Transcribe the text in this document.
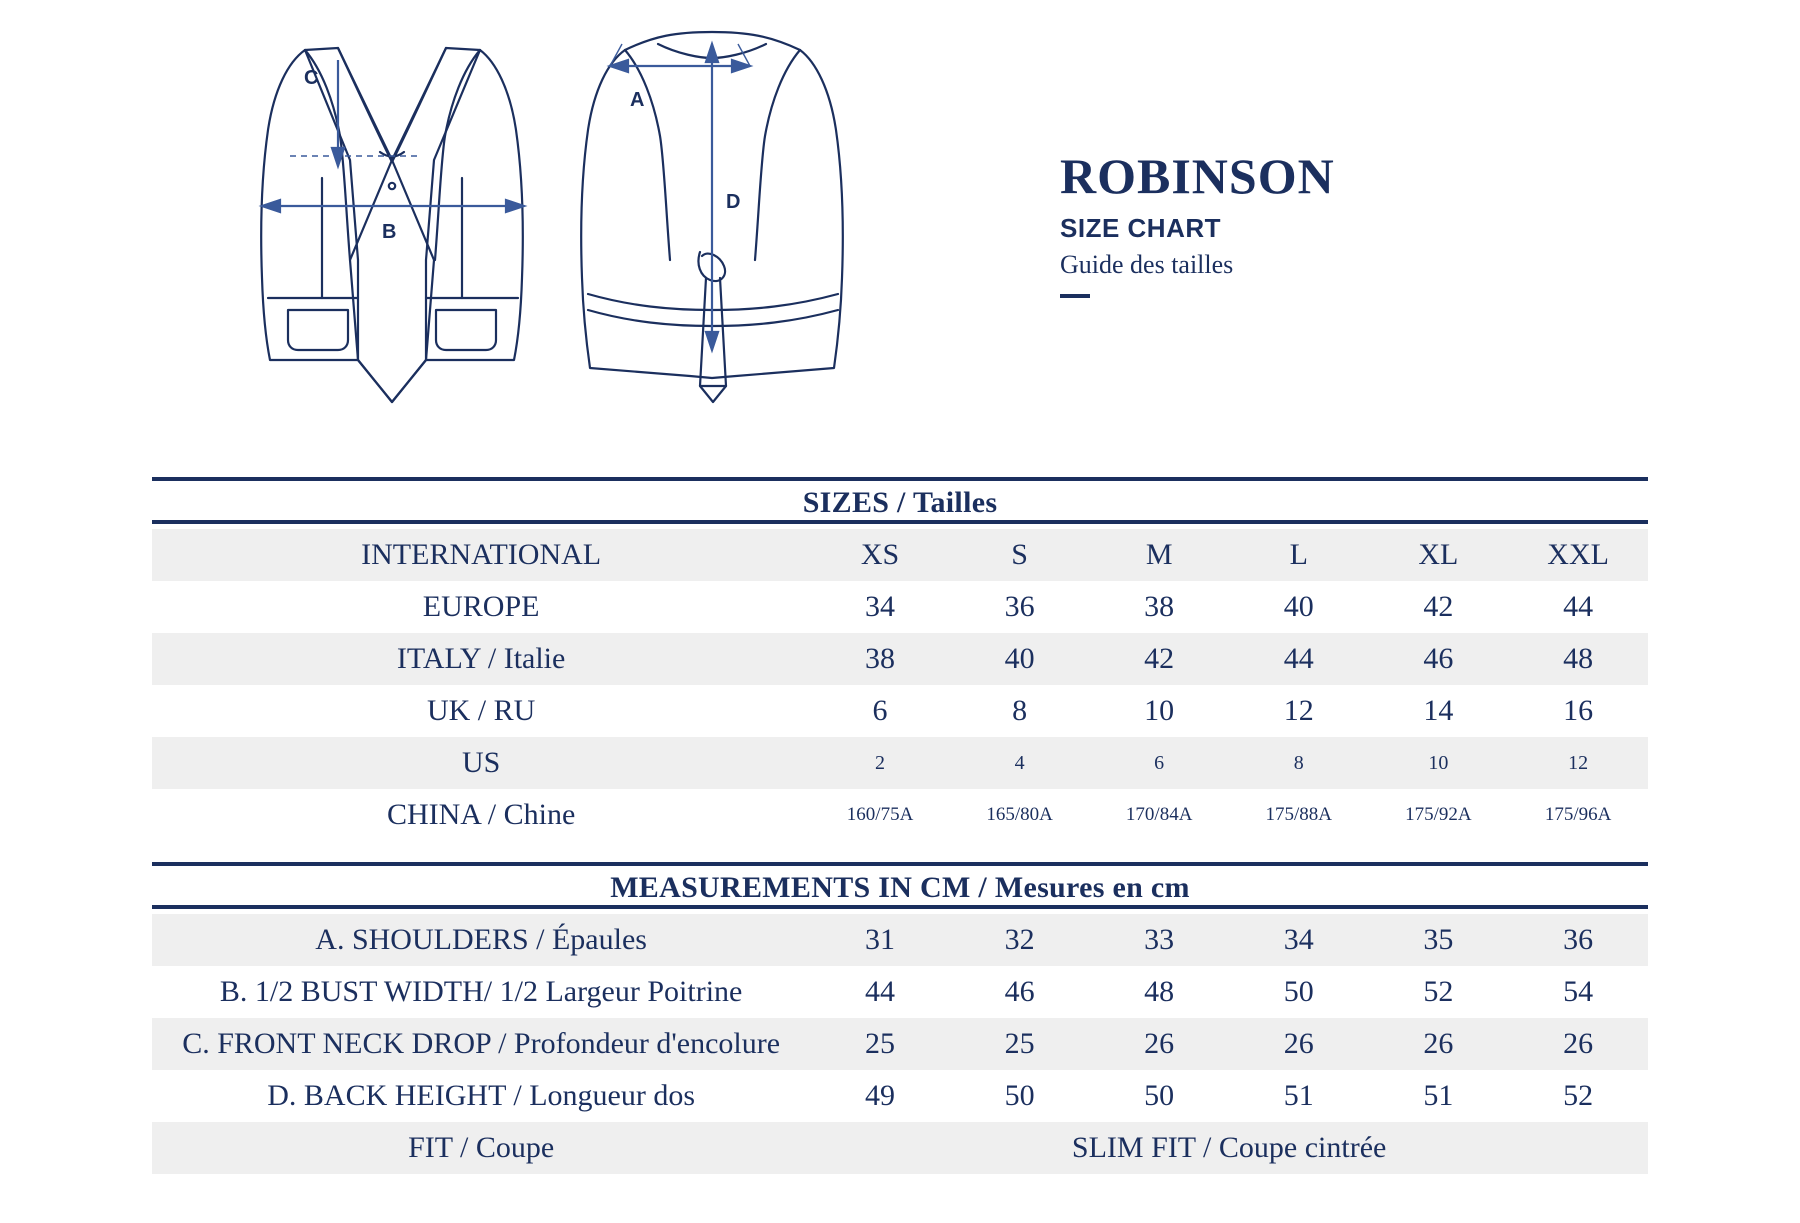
C
B
A
D	ROBINSON
SIZE CHART
Guide des tailles

SIZES / Tailles						

INTERNATIONAL	XS	S	M	L	XL	XXL
EUROPE	34	36	38	40	42	44
ITALY / Italie	38	40	42	44	46	48
UK / RU	6	8	10	12	14	16
US	2	4	6	8	10	12
CHINA / Chine	160/75A	165/80A	170/84A	175/88A	175/92A	175/96A

MEASUREMENTS IN CM / Mesures en cm						

A. SHOULDERS / Épaules	31	32	33	34	35	36
B. 1/2 BUST WIDTH/ 1/2 Largeur Poitrine	44	46	48	50	52	54
C. FRONT NECK DROP / Profondeur d'encolure	25	25	26	26	26	26
D. BACK HEIGHT / Longueur dos	49	50	50	51	51	52
FIT / Coupe	SLIM FIT / Coupe cintrée					
